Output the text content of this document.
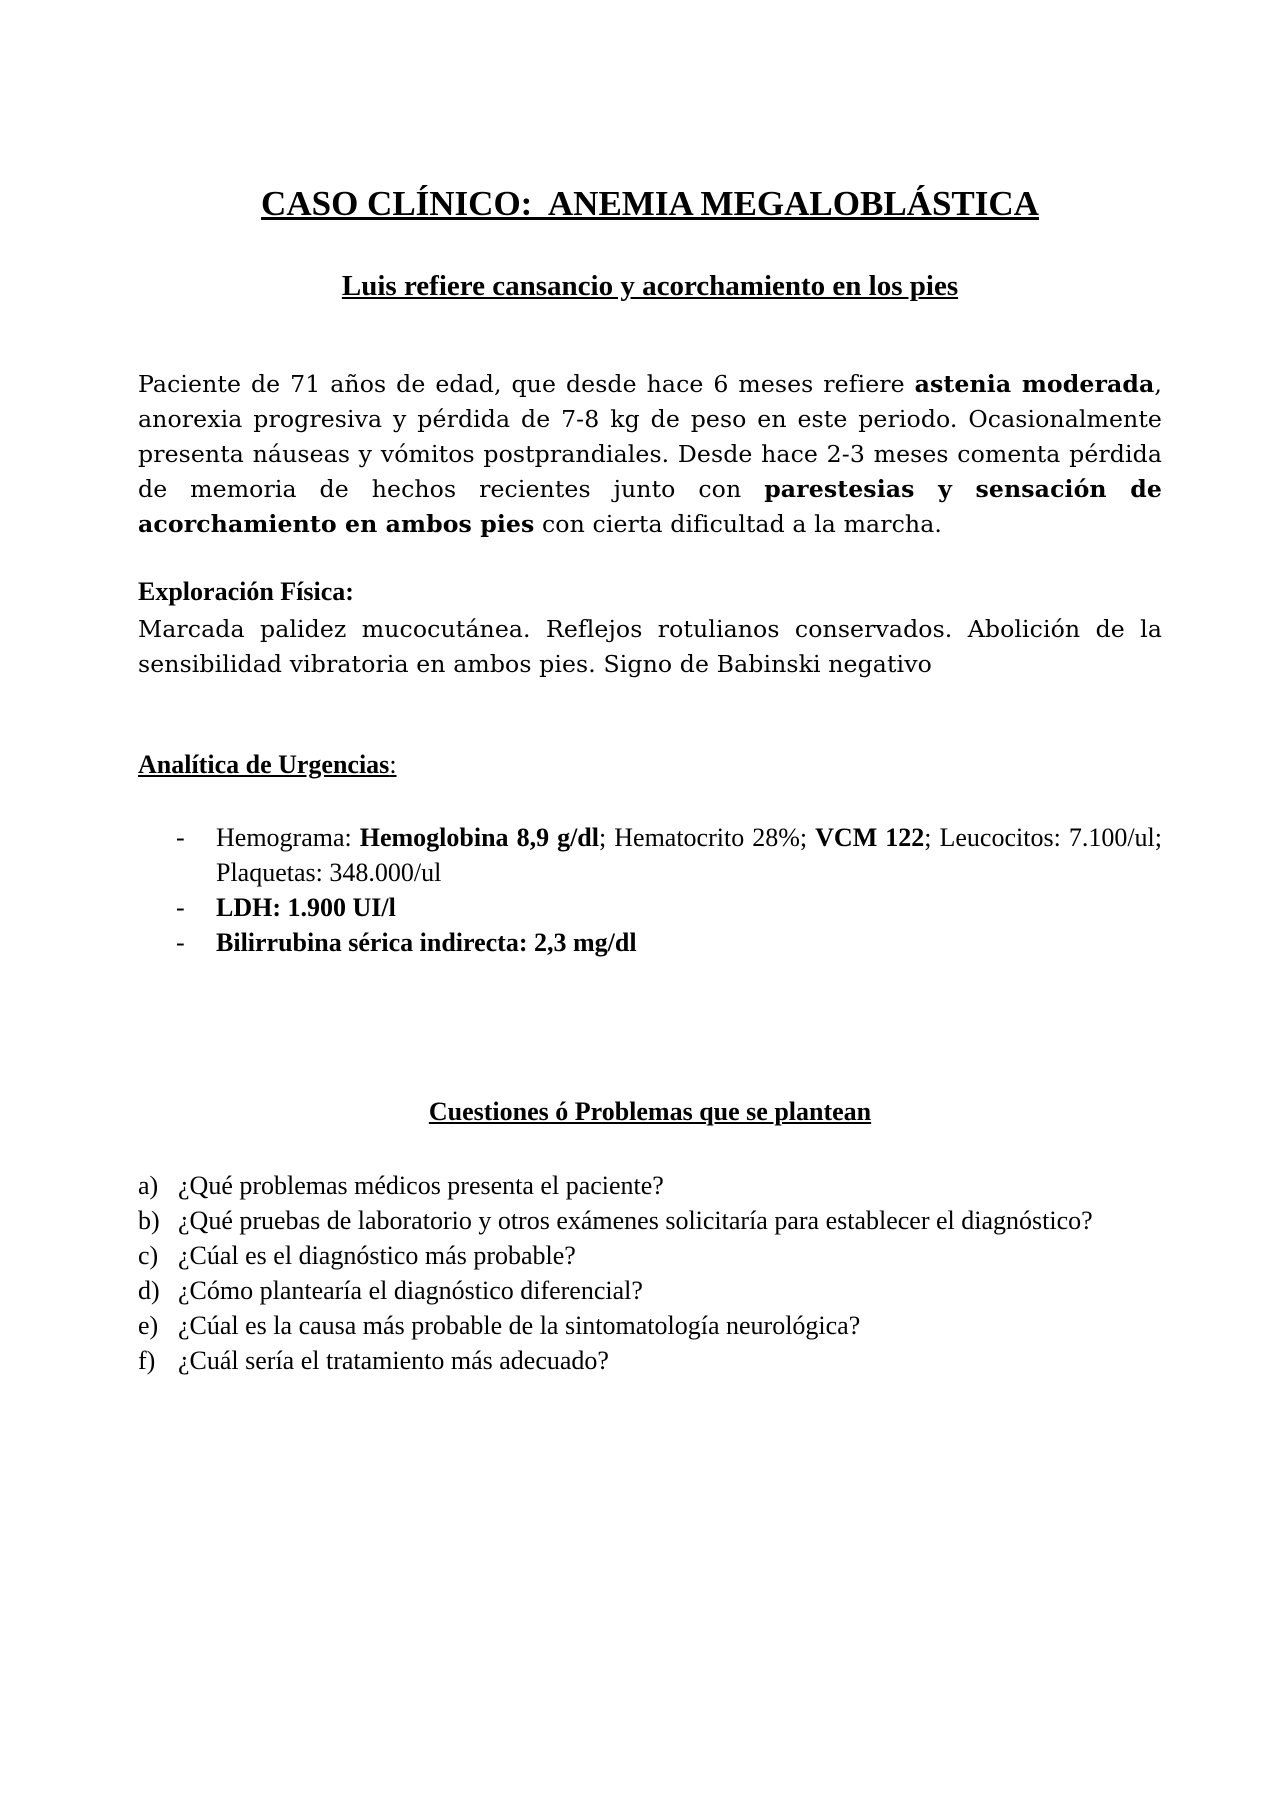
CASO CLÍNICO:  ANEMIA MEGALOBLÁSTICA
Luis refiere cansancio y acorchamiento en los pies

Paciente de 71 años de edad, que desde hace 6 meses refiere astenia moderada, anorexia progresiva y pérdida de 7-8 kg de peso en este periodo. Ocasionalmente presenta náuseas y vómitos postprandiales. Desde hace 2-3 meses comenta pérdida de memoria de hechos recientes junto con parestesias y sensación de acorchamiento en ambos pies con cierta dificultad a la marcha.

Exploración Física:

Marcada palidez mucocutánea. Reflejos rotulianos conservados. Abolición de la sensibilidad vibratoria en ambos pies. Signo de Babinski negativo

Analítica de Urgencias:

- Hemograma: Hemoglobina 8,9 g/dl; Hematocrito 28%; VCM 122; Leucocitos: 7.100/ul; Plaquetas: 348.000/ul
- LDH: 1.900 UI/l
- Bilirrubina sérica indirecta: 2,3 mg/dl

Cuestiones ó Problemas que se plantean

a) ¿Qué problemas médicos presenta el paciente?
b) ¿Qué pruebas de laboratorio y otros exámenes solicitaría para establecer el diagnóstico?
c) ¿Cúal es el diagnóstico más probable?
d) ¿Cómo plantearía el diagnóstico diferencial?
e) ¿Cúal es la causa más probable de la sintomatología neurológica?
f) ¿Cuál sería el tratamiento más adecuado?
